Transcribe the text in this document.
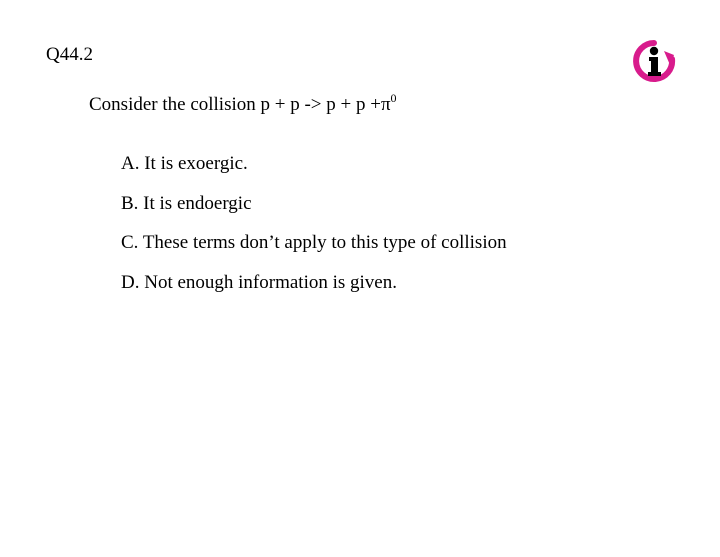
Q44.2
Consider the collision $p + p -> p + p +\pi^0$
A. It is exoergic.
B. It is endoergic
C. These terms don’t apply to this type of collision
D. Not enough information is given.
